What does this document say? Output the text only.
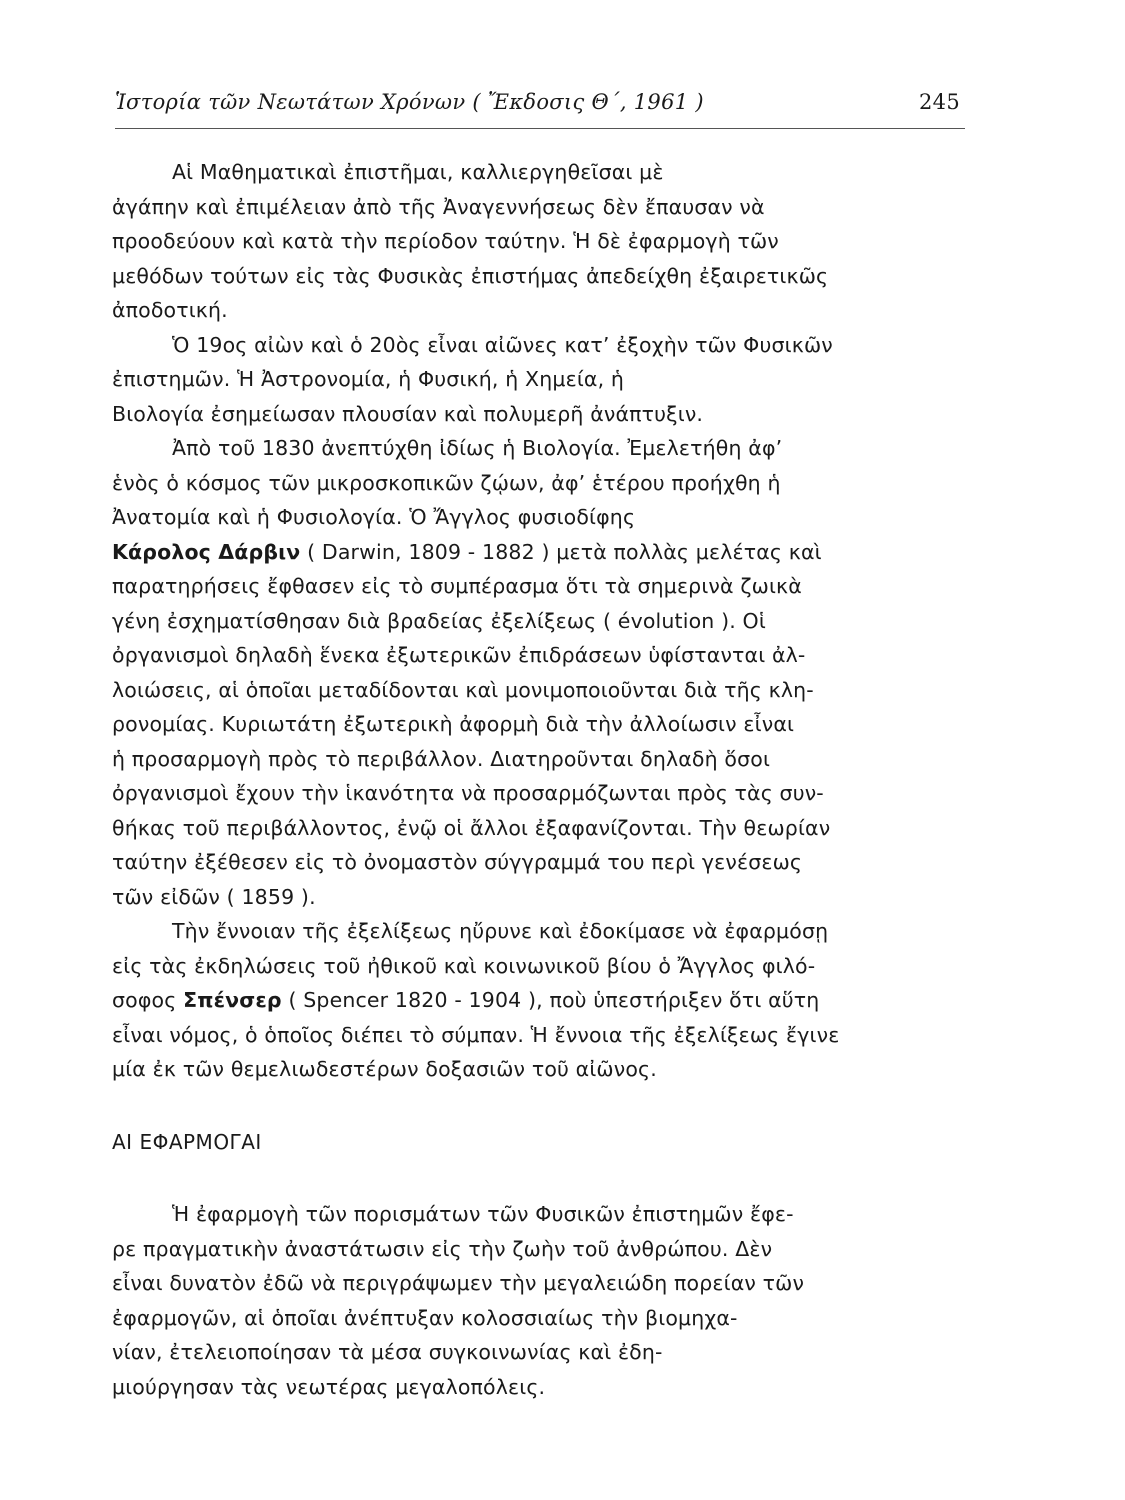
Ἱστορία τῶν Νεωτάτων Χρόνων ( Ἔκδοσις Θ΄, 1961 )	245

Αἱ Μαθηματικαὶ ἐπιστῆμαι, καλλιεργηθεῖσαι μὲ
ἀγάπην καὶ ἐπιμέλειαν ἀπὸ τῆς Ἀναγεννήσεως δὲν ἔπαυσαν νὰ
προοδεύουν καὶ κατὰ τὴν περίοδον ταύτην. Ἡ δὲ ἐφαρμογὴ τῶν
μεθόδων τούτων εἰς τὰς Φυσικὰς ἐπιστήμας ἀπεδείχθη ἐξαιρετικῶς
ἀποδοτική.

Ὁ 19ος αἰὼν καὶ ὁ 20ὸς εἶναι αἰῶνες κατ’ ἐξοχὴν τῶν Φυσικῶν
ἐπιστημῶν. Ἡ Ἀστρονομία, ἡ Φυσική, ἡ Χημεία, ἡ
Βιολογία ἐσημείωσαν πλουσίαν καὶ πολυμερῆ ἀνάπτυξιν.

Ἀπὸ τοῦ 1830 ἀνεπτύχθη ἰδίως ἡ Βιολογία. Ἐμελετήθη ἀφ’
ἑνὸς ὁ κόσμος τῶν μικροσκοπικῶν ζῴων, ἀφ’ ἑτέρου προήχθη ἡ
Ἀνατομία καὶ ἡ Φυσιολογία. Ὁ Ἄγγλος φυσιοδίφης
Κάρολος Δάρβιν ( Darwin, 1809 - 1882 ) μετὰ πολλὰς μελέτας καὶ
παρατηρήσεις ἔφθασεν εἰς τὸ συμπέρασμα ὅτι τὰ σημερινὰ ζωικὰ
γένη ἐσχηματίσθησαν διὰ βραδείας ἐξελίξεως ( évolution ). Οἱ
ὀργανισμοὶ δηλαδὴ ἕνεκα ἐξωτερικῶν ἐπιδράσεων ὑφίστανται ἀλ-
λοιώσεις, αἱ ὁποῖαι μεταδίδονται καὶ μονιμοποιοῦνται διὰ τῆς κλη-
ρονομίας. Κυριωτάτη ἐξωτερικὴ ἀφορμὴ διὰ τὴν ἀλλοίωσιν εἶναι
ἡ προσαρμογὴ πρὸς τὸ περιβάλλον. Διατηροῦνται δηλαδὴ ὅσοι
ὀργανισμοὶ ἔχουν τὴν ἱκανότητα νὰ προσαρμόζωνται πρὸς τὰς συν-
θήκας τοῦ περιβάλλοντος, ἐνῷ οἱ ἄλλοι ἐξαφανίζονται. Τὴν θεωρίαν
ταύτην ἐξέθεσεν εἰς τὸ ὀνομαστὸν σύγγραμμά του περὶ γενέσεως
τῶν εἰδῶν ( 1859 ).

Τὴν ἔννοιαν τῆς ἐξελίξεως ηὔρυνε καὶ ἐδοκίμασε νὰ ἐφαρμόσῃ
εἰς τὰς ἐκδηλώσεις τοῦ ἠθικοῦ καὶ κοινωνικοῦ βίου ὁ Ἄγγλος φιλό-
σοφος Σπένσερ ( Spencer 1820 - 1904 ), ποὺ ὑπεστήριξεν ὅτι αὕτη
εἶναι νόμος, ὁ ὁποῖος διέπει τὸ σύμπαν. Ἡ ἔννοια τῆς ἐξελίξεως ἔγινε
μία ἐκ τῶν θεμελιωδεστέρων δοξασιῶν τοῦ αἰῶνος.

ΑΙ ΕΦΑΡΜΟΓΑΙ

Ἡ ἐφαρμογὴ τῶν πορισμάτων τῶν Φυσικῶν ἐπιστημῶν ἔφε-
ρε πραγματικὴν ἀναστάτωσιν εἰς τὴν ζωὴν τοῦ ἀνθρώπου. Δὲν
εἶναι δυνατὸν ἐδῶ νὰ περιγράψωμεν τὴν μεγαλειώδη πορείαν τῶν
ἐφαρμογῶν, αἱ ὁποῖαι ἀνέπτυξαν κολοσσιαίως τὴν βιομηχα-
νίαν, ἐτελειοποίησαν τὰ μέσα συγκοινωνίας καὶ ἐδη-
μιούργησαν τὰς νεωτέρας μεγαλοπόλεις.
